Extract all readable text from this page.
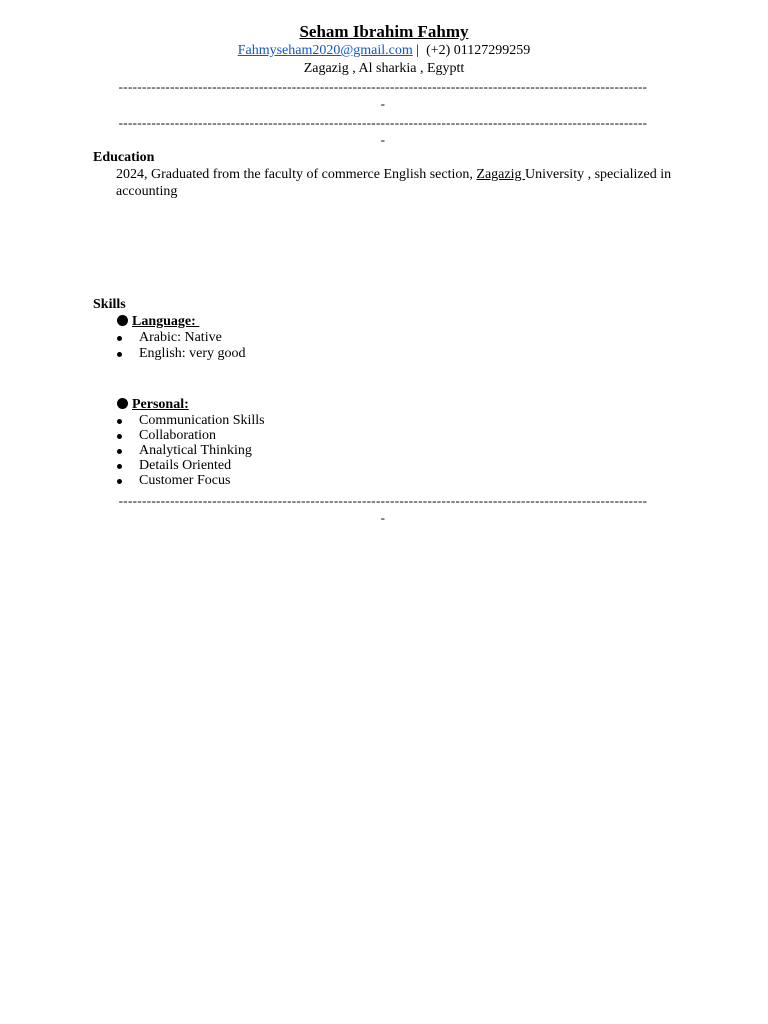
Seham Ibrahim Fahmy
Fahmyseham2020@gmail.com |  (+2) 01127299259
Zagazig , Al sharkia , Egyptt
-----------------------------------------------------------------------------------------------------------------
-
-----------------------------------------------------------------------------------------------------------------
-
Education
2024, Graduated from the faculty of commerce English section, Zagazig University , specialized in accounting
Skills
Language:
Arabic: Native
English: very good
Personal:
Communication Skills
Collaboration
Analytical Thinking
Details Oriented
Customer Focus
-----------------------------------------------------------------------------------------------------------------
-
